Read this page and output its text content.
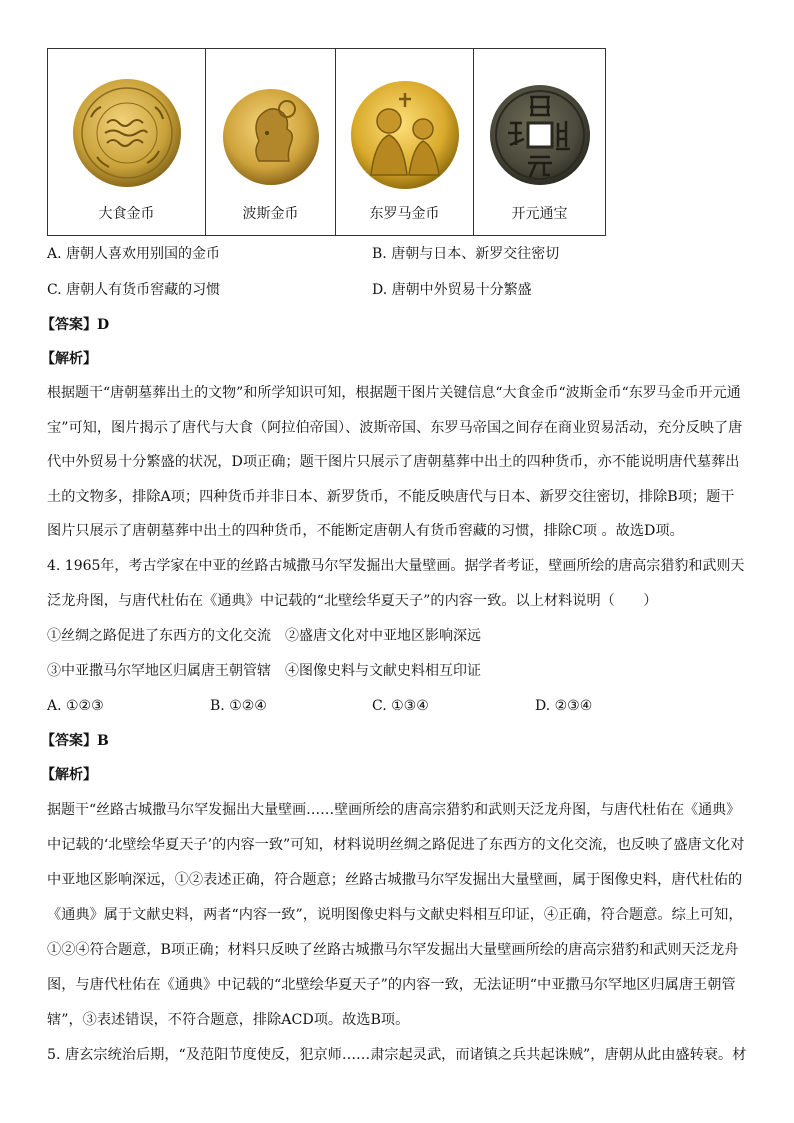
大食金币	波斯金币	东罗马金币	开元通宝
A. 唐朝人喜欢用别国的金币	B. 唐朝与日本、新罗交往密切
C. 唐朝人有货币窖藏的习惯	D. 唐朝中外贸易十分繁盛
【答案】D
【解析】
根据题干“唐朝墓葬出土的文物”和所学知识可知，根据题干图片关键信息“大食金币“波斯金币“东罗马金币开元通
宝”可知，图片揭示了唐代与大食（阿拉伯帝国）、波斯帝国、东罗马帝国之间存在商业贸易活动，充分反映了唐
代中外贸易十分繁盛的状况，D项正确；题干图片只展示了唐朝墓葬中出土的四种货币，亦不能说明唐代墓葬出
土的文物多，排除A项；四种货币并非日本、新罗货币，不能反映唐代与日本、新罗交往密切，排除B项；题干
图片只展示了唐朝墓葬中出土的四种货币，不能断定唐朝人有货币窖藏的习惯，排除C项 。故选D项。
4. 1965年，考古学家在中亚的丝路古城撒马尔罕发掘出大量壁画。据学者考证，壁画所绘的唐高宗猎豹和武则天
泛龙舟图，与唐代杜佑在《通典》中记载的“北壁绘华夏天子”的内容一致。以上材料说明（　　）
①丝绸之路促进了东西方的文化交流　②盛唐文化对中亚地区影响深远
③中亚撒马尔罕地区归属唐王朝管辖　④图像史料与文献史料相互印证
A. ①②③	B. ①②④	C. ①③④	D. ②③④
【答案】B
【解析】
据题干“丝路古城撒马尔罕发掘出大量壁画……壁画所绘的唐高宗猎豹和武则天泛龙舟图，与唐代杜佑在《通典》
中记载的‘北壁绘华夏天子’的内容一致”可知，材料说明丝绸之路促进了东西方的文化交流，也反映了盛唐文化对
中亚地区影响深远，①②表述正确，符合题意；丝路古城撒马尔罕发掘出大量壁画，属于图像史料，唐代杜佑的
《通典》属于文献史料，两者“内容一致”，说明图像史料与文献史料相互印证，④正确，符合题意。综上可知，
①②④符合题意，B项正确；材料只反映了丝路古城撒马尔罕发掘出大量壁画所绘的唐高宗猎豹和武则天泛龙舟
图，与唐代杜佑在《通典》中记载的“北壁绘华夏天子”的内容一致，无法证明“中亚撒马尔罕地区归属唐王朝管
辖”，③表述错误，不符合题意，排除ACD项。故选B项。
5. 唐玄宗统治后期，“及范阳节度使反，犯京师……肃宗起灵武，而诸镇之兵共起诛贼”，唐朝从此由盛转衰。材
